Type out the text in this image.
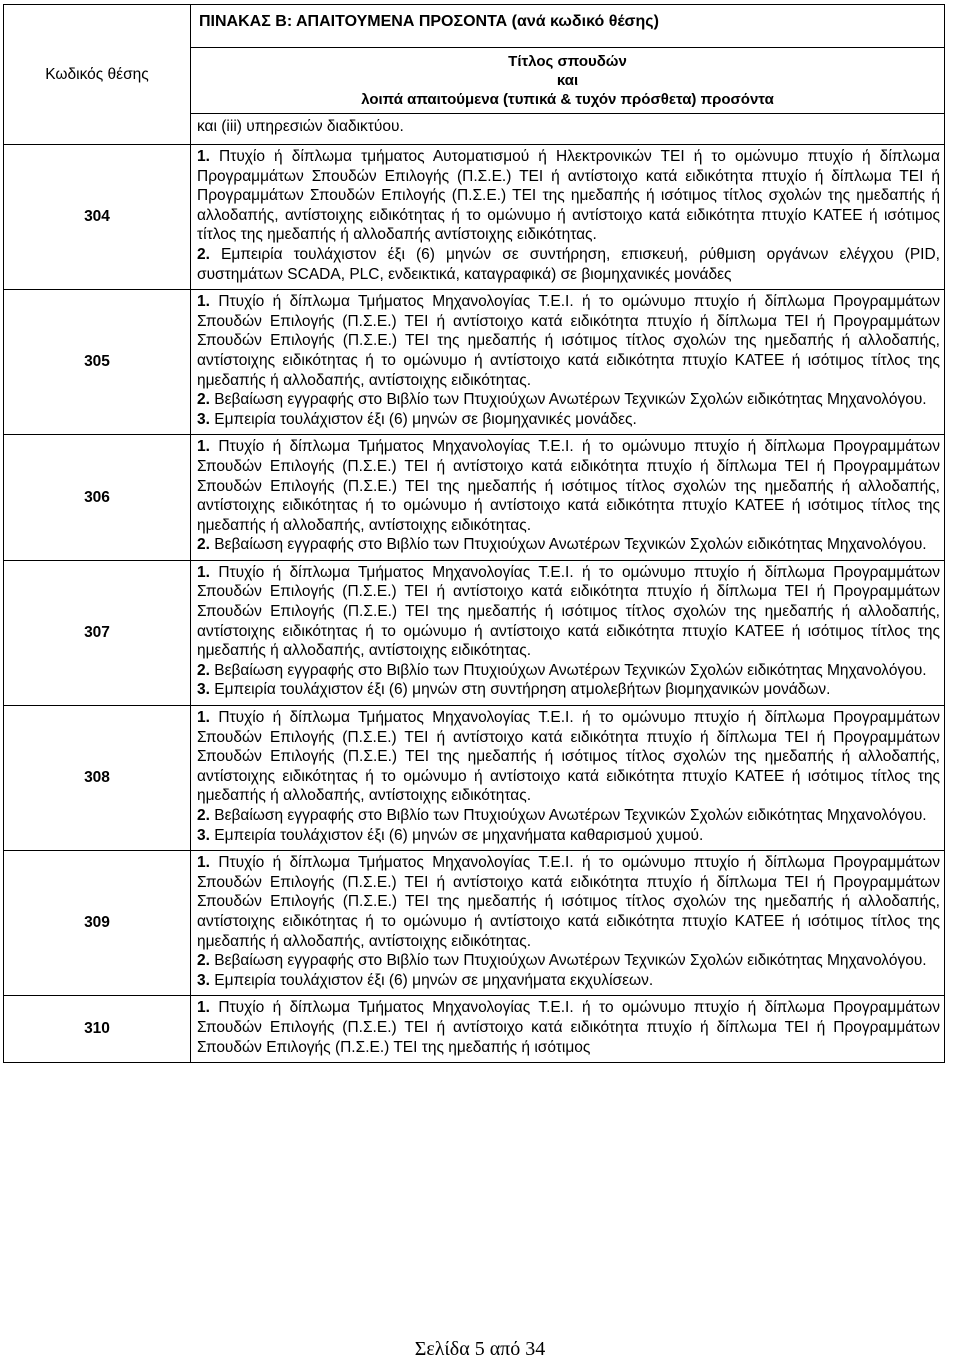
Κωδικός θέσης	ΠΙΝΑΚΑΣ Β: ΑΠΑΙΤΟΥΜΕΝΑ ΠΡΟΣΟΝΤΑ (ανά κωδικό θέσης)

	Τίτλος σπουδών
και
λοιπά απαιτούμενα (τυπικά & τυχόν πρόσθετα) προσόντα

	και (iii) υπηρεσιών διαδικτύου.
304	1. Πτυχίο ή δίπλωμα τμήματος Αυτοματισμού ή Ηλεκτρονικών ΤΕΙ ή το ομώνυμο πτυχίο ή δίπλωμα Προγραμμάτων Σπουδών Επιλογής (Π.Σ.Ε.) ΤΕΙ ή αντίστοιχο κατά ειδικότητα πτυχίο ή δίπλωμα ΤΕΙ ή Προγραμμάτων Σπουδών Επιλογής (Π.Σ.Ε.) ΤΕΙ της ημεδαπής ή ισότιμος τίτλος σχολών της ημεδαπής ή αλλοδαπής, αντίστοιχης ειδικότητας ή το ομώνυμο ή αντίστοιχο κατά ειδικότητα πτυχίο ΚΑΤΕΕ ή ισότιμος τίτλος της ημεδαπής ή αλλοδαπής αντίστοιχης ειδικότητας.

2. Εμπειρία τουλάχιστον έξι (6) μηνών σε συντήρηση, επισκευή, ρύθμιση οργάνων ελέγχου (PID, συστημάτων SCADA, PLC, ενδεικτικά, καταγραφικά) σε βιομηχανικές μονάδες

305	1. Πτυχίο ή δίπλωμα Τμήματος Μηχανολογίας Τ.Ε.Ι. ή το ομώνυμο πτυχίο ή δίπλωμα Προγραμμάτων Σπουδών Επιλογής (Π.Σ.Ε.) ΤΕΙ ή αντίστοιχο κατά ειδικότητα πτυχίο ή δίπλωμα ΤΕΙ ή Προγραμμάτων Σπουδών Επιλογής (Π.Σ.Ε.) ΤΕΙ της ημεδαπής ή ισότιμος τίτλος σχολών της ημεδαπής ή αλλοδαπής, αντίστοιχης ειδικότητας ή το ομώνυμο ή αντίστοιχο κατά ειδικότητα πτυχίο ΚΑΤΕΕ ή ισότιμος τίτλος της ημεδαπής ή αλλοδαπής, αντίστοιχης ειδικότητας.

2. Βεβαίωση εγγραφής στο Βιβλίο των Πτυχιούχων Ανωτέρων Τεχνικών Σχολών ειδικότητας Μηχανολόγου.

3. Εμπειρία τουλάχιστον έξι (6) μηνών σε βιομηχανικές μονάδες.

306	1. Πτυχίο ή δίπλωμα Τμήματος Μηχανολογίας Τ.Ε.Ι. ή το ομώνυμο πτυχίο ή δίπλωμα Προγραμμάτων Σπουδών Επιλογής (Π.Σ.Ε.) ΤΕΙ ή αντίστοιχο κατά ειδικότητα πτυχίο ή δίπλωμα ΤΕΙ ή Προγραμμάτων Σπουδών Επιλογής (Π.Σ.Ε.) ΤΕΙ της ημεδαπής ή ισότιμος τίτλος σχολών της ημεδαπής ή αλλοδαπής, αντίστοιχης ειδικότητας ή το ομώνυμο ή αντίστοιχο κατά ειδικότητα πτυχίο ΚΑΤΕΕ ή ισότιμος τίτλος της ημεδαπής ή αλλοδαπής, αντίστοιχης ειδικότητας.

2. Βεβαίωση εγγραφής στο Βιβλίο των Πτυχιούχων Ανωτέρων Τεχνικών Σχολών ειδικότητας Μηχανολόγου.

307	1. Πτυχίο ή δίπλωμα Τμήματος Μηχανολογίας Τ.Ε.Ι. ή το ομώνυμο πτυχίο ή δίπλωμα Προγραμμάτων Σπουδών Επιλογής (Π.Σ.Ε.) ΤΕΙ ή αντίστοιχο κατά ειδικότητα πτυχίο ή δίπλωμα ΤΕΙ ή Προγραμμάτων Σπουδών Επιλογής (Π.Σ.Ε.) ΤΕΙ της ημεδαπής ή ισότιμος τίτλος σχολών της ημεδαπής ή αλλοδαπής, αντίστοιχης ειδικότητας ή το ομώνυμο ή αντίστοιχο κατά ειδικότητα πτυχίο ΚΑΤΕΕ ή ισότιμος τίτλος της ημεδαπής ή αλλοδαπής, αντίστοιχης ειδικότητας.

2. Βεβαίωση εγγραφής στο Βιβλίο των Πτυχιούχων Ανωτέρων Τεχνικών Σχολών ειδικότητας Μηχανολόγου.

3. Εμπειρία τουλάχιστον έξι (6) μηνών στη συντήρηση ατμολεβήτων βιομηχανικών μονάδων.

308	1. Πτυχίο ή δίπλωμα Τμήματος Μηχανολογίας Τ.Ε.Ι. ή το ομώνυμο πτυχίο ή δίπλωμα Προγραμμάτων Σπουδών Επιλογής (Π.Σ.Ε.) ΤΕΙ ή αντίστοιχο κατά ειδικότητα πτυχίο ή δίπλωμα ΤΕΙ ή Προγραμμάτων Σπουδών Επιλογής (Π.Σ.Ε.) ΤΕΙ της ημεδαπής ή ισότιμος τίτλος σχολών της ημεδαπής ή αλλοδαπής, αντίστοιχης ειδικότητας ή το ομώνυμο ή αντίστοιχο κατά ειδικότητα πτυχίο ΚΑΤΕΕ ή ισότιμος τίτλος της ημεδαπής ή αλλοδαπής, αντίστοιχης ειδικότητας.

2. Βεβαίωση εγγραφής στο Βιβλίο των Πτυχιούχων Ανωτέρων Τεχνικών Σχολών ειδικότητας Μηχανολόγου.

3. Εμπειρία τουλάχιστον έξι (6) μηνών σε μηχανήματα καθαρισμού χυμού.

309	1. Πτυχίο ή δίπλωμα Τμήματος Μηχανολογίας Τ.Ε.Ι. ή το ομώνυμο πτυχίο ή δίπλωμα Προγραμμάτων Σπουδών Επιλογής (Π.Σ.Ε.) ΤΕΙ ή αντίστοιχο κατά ειδικότητα πτυχίο ή δίπλωμα ΤΕΙ ή Προγραμμάτων Σπουδών Επιλογής (Π.Σ.Ε.) ΤΕΙ της ημεδαπής ή ισότιμος τίτλος σχολών της ημεδαπής ή αλλοδαπής, αντίστοιχης ειδικότητας ή το ομώνυμο ή αντίστοιχο κατά ειδικότητα πτυχίο ΚΑΤΕΕ ή ισότιμος τίτλος της ημεδαπής ή αλλοδαπής, αντίστοιχης ειδικότητας.

2. Βεβαίωση εγγραφής στο Βιβλίο των Πτυχιούχων Ανωτέρων Τεχνικών Σχολών ειδικότητας Μηχανολόγου.

3. Εμπειρία τουλάχιστον έξι (6) μηνών σε μηχανήματα εκχυλίσεων.

310	1. Πτυχίο ή δίπλωμα Τμήματος Μηχανολογίας Τ.Ε.Ι. ή το ομώνυμο πτυχίο ή δίπλωμα Προγραμμάτων Σπουδών Επιλογής (Π.Σ.Ε.) ΤΕΙ ή αντίστοιχο κατά ειδικότητα πτυχίο ή δίπλωμα ΤΕΙ ή Προγραμμάτων Σπουδών Επιλογής (Π.Σ.Ε.) ΤΕΙ της ημεδαπής ή ισότιμος

Σελίδα 5 από 34
